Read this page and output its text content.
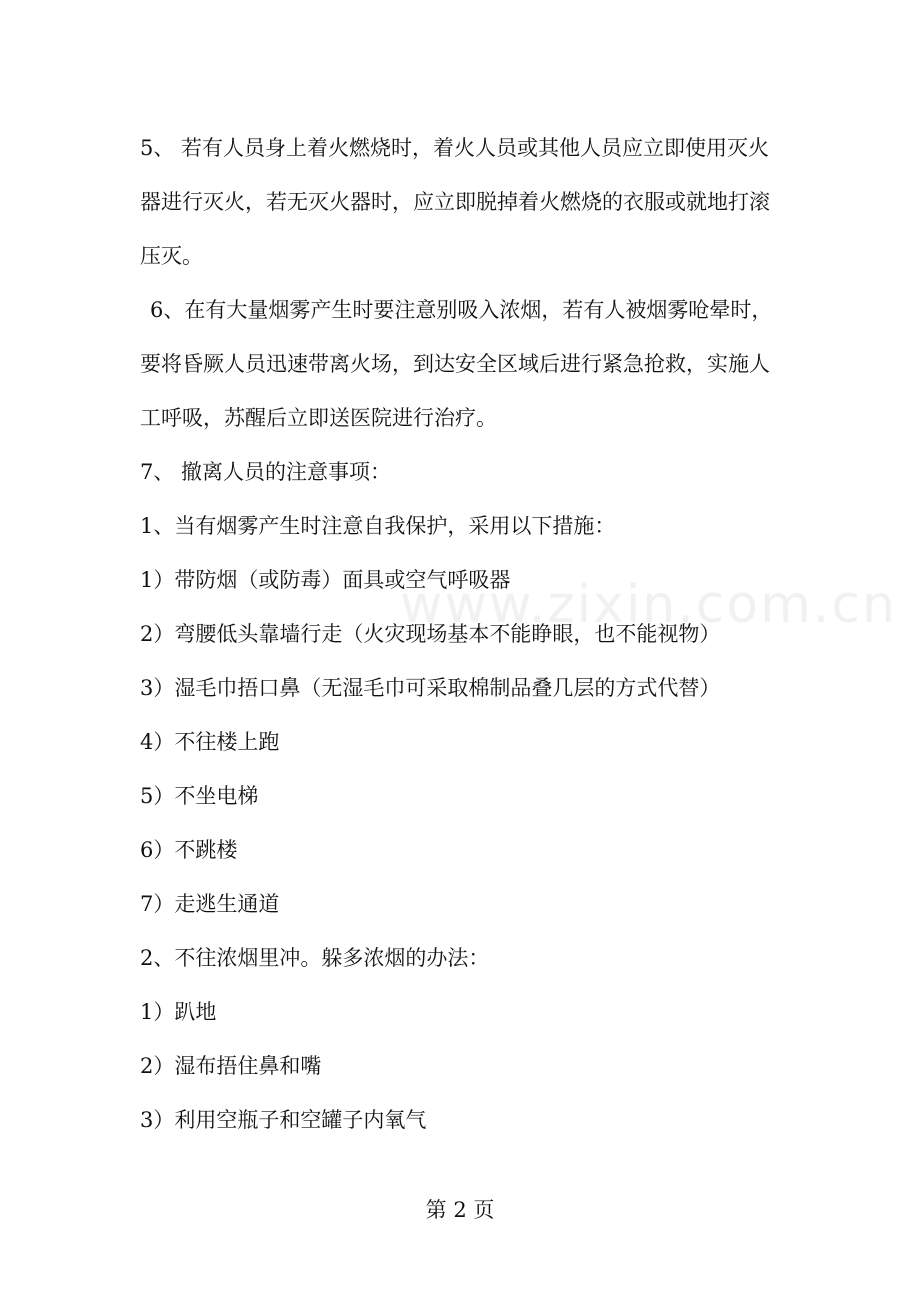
www.zixin.com.cn
5、 若有人员身上着火燃烧时，着火人员或其他人员应立即使用灭火
器进行灭火，若无灭火器时，应立即脱掉着火燃烧的衣服或就地打滚
压灭。
6、在有大量烟雾产生时要注意别吸入浓烟，若有人被烟雾呛晕时，
要将昏厥人员迅速带离火场，到达安全区域后进行紧急抢救，实施人
工呼吸，苏醒后立即送医院进行治疗。
7、 撤离人员的注意事项：
1、当有烟雾产生时注意自我保护，采用以下措施：
1）带防烟（或防毒）面具或空气呼吸器
2）弯腰低头靠墙行走（火灾现场基本不能睁眼，也不能视物）
3）湿毛巾捂口鼻（无湿毛巾可采取棉制品叠几层的方式代替）
4）不往楼上跑
5）不坐电梯
6）不跳楼
7）走逃生通道
2、不往浓烟里冲。躲多浓烟的办法：
1）趴地
2）湿布捂住鼻和嘴
3）利用空瓶子和空罐子内氧气
第 2 页
